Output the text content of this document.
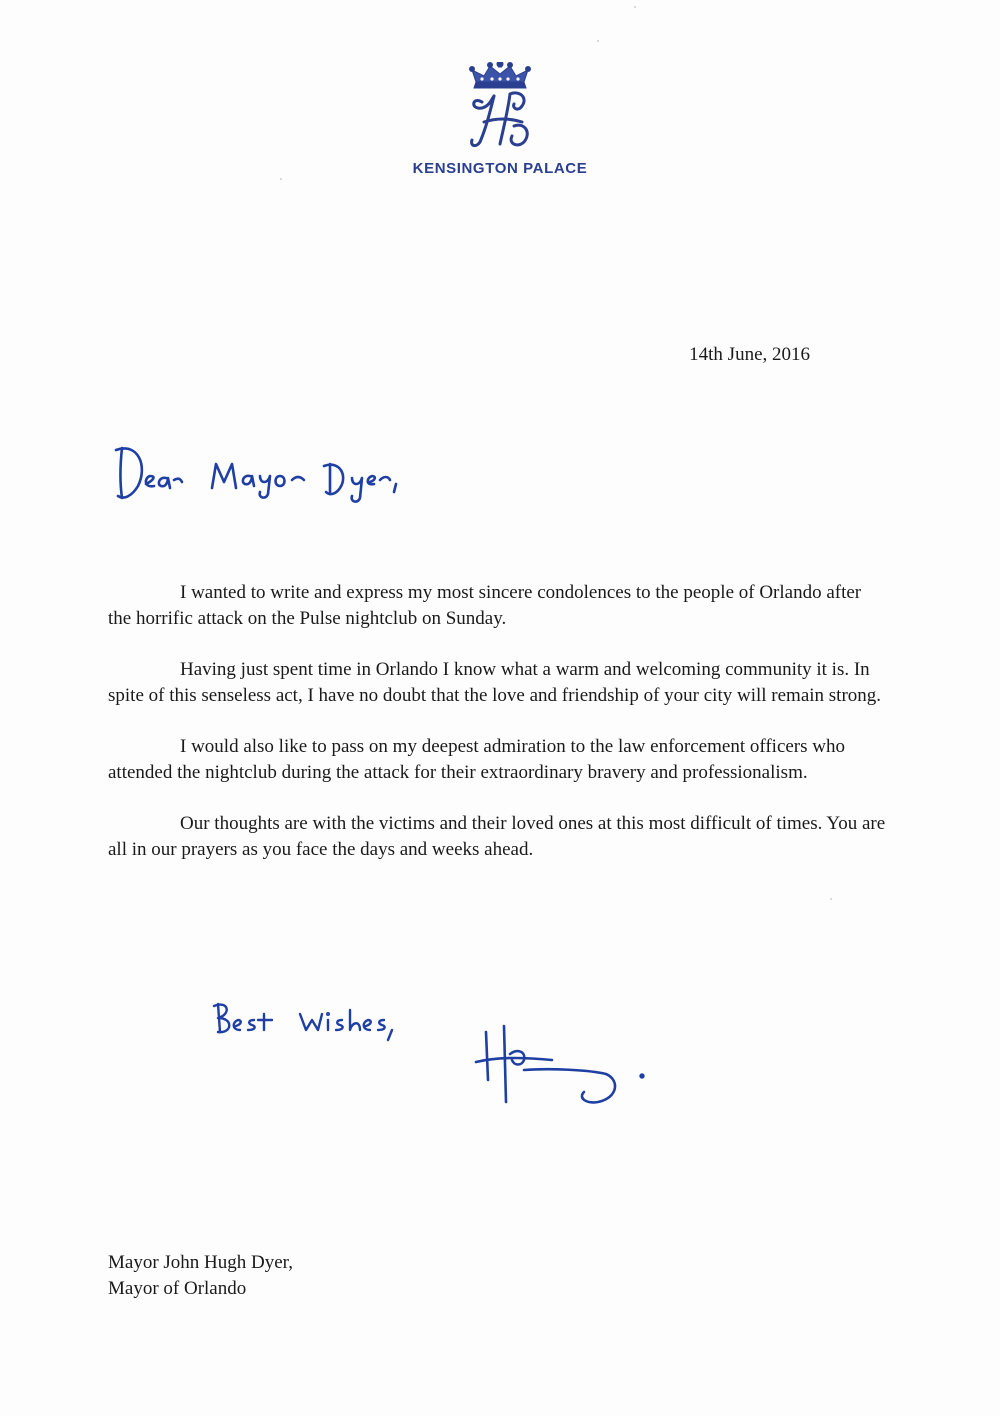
KENSINGTON PALACE
14th June, 2016

I wanted to write and express my most sincere condolences to the people of Orlando after the horrific attack on the Pulse nightclub on Sunday.

Having just spent time in Orlando I know what a warm and welcoming community it is. In spite of this senseless act, I have no doubt that the love and friendship of your city will remain strong.

I would also like to pass on my deepest admiration to the law enforcement officers who attended the nightclub during the attack for their extraordinary bravery and professionalism.

Our thoughts are with the victims and their loved ones at this most difficult of times. You are all in our prayers as you face the days and weeks ahead.

Mayor John Hugh Dyer,
Mayor of Orlando
